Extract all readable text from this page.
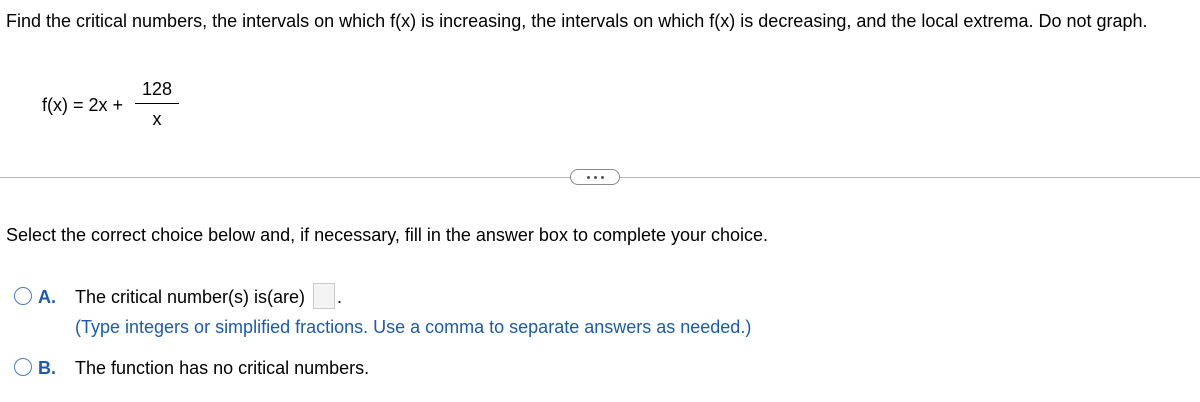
Find the critical numbers, the intervals on which f(x) is increasing, the intervals on which f(x) is decreasing, and the local extrema. Do not graph.

f(x) = 2x +
128
x

Select the correct choice below and, if necessary, fill in the answer box to complete your choice.

A. The critical number(s) is(are) .
(Type integers or simplified fractions. Use a comma to separate answers as needed.)
B. The function has no critical numbers.
